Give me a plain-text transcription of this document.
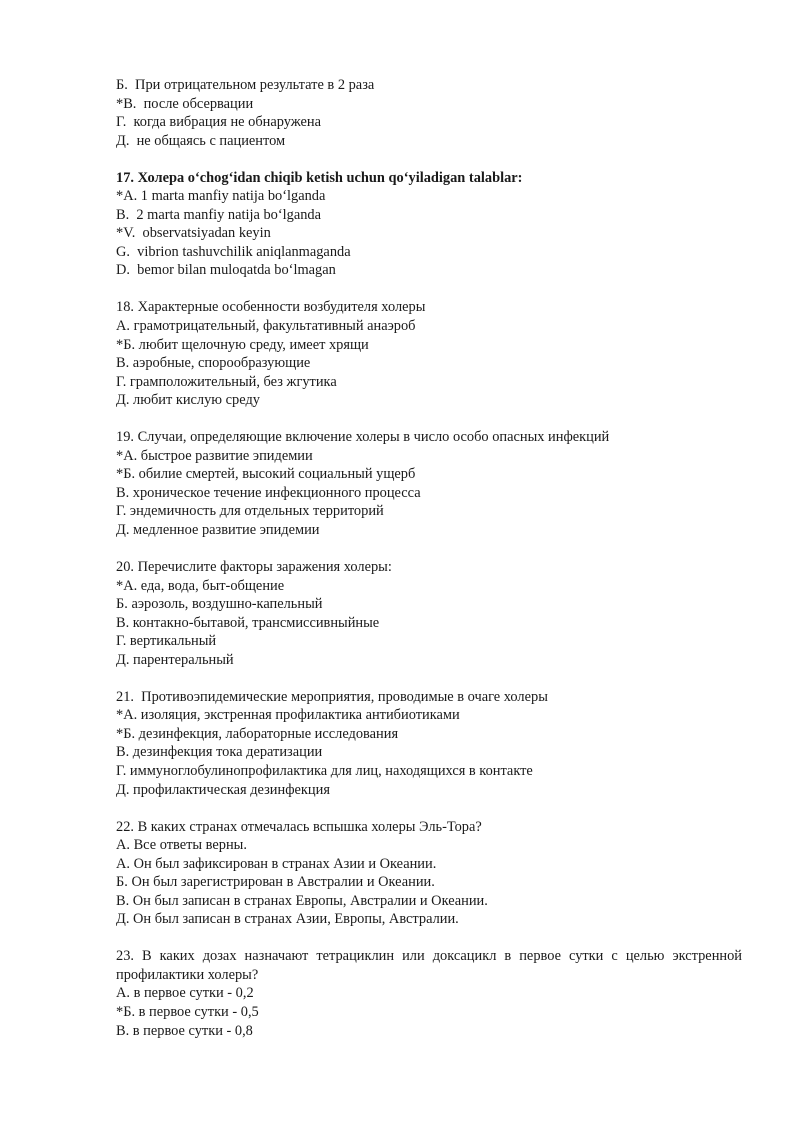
Б.  При отрицательном результате в 2 раза
*В.  после обсервации
Г.  когда вибрация не обнаружена
Д.  не общаясь с пациентом
17. Холера oʻchogʻidan chiqib ketish uchun qoʻyiladigan talablar:
*A. 1 marta manfiy natija boʻlganda
B.  2 marta manfiy natija boʻlganda
*V.  observatsiyadan keyin
G.  vibrion tashuvchilik aniqlanmaganda
D.  bemor bilan muloqatda boʻlmagan
18. Характерные особенности возбудителя холеры
А. грамотрицательный, факультативный анаэроб
*Б. любит щелочную среду, имеет хрящи
В. аэробные, спорообразующие
Г. грамположительный, без жгутика
Д. любит кислую среду
19. Случаи, определяющие включение холеры в число особо опасных инфекций
*А. быстрое развитие эпидемии
*Б. обилие смертей, высокий социальный ущерб
В. хроническое течение инфекционного процесса
Г. эндемичность для отдельных территорий
Д. медленное развитие эпидемии
20. Перечислите факторы заражения холеры:
*А. еда, вода, быт-общение
Б. аэрозоль, воздушно-капельный
В. контакно-бытавой, трансмиссивныйные
Г. вертикальный
Д. парентеральный
21.  Противоэпидемические мероприятия, проводимые в очаге холеры
*А. изоляция, экстренная профилактика антибиотиками
*Б. дезинфекция, лабораторные исследования
В. дезинфекция тока дератизации
Г. иммуноглобулинопрофилактика для лиц, находящихся в контакте
Д. профилактическая дезинфекция
22. В каких странах отмечалась вспышка холеры Эль-Тора?
А. Все ответы верны.
А. Он был зафиксирован в странах Азии и Океании.
Б. Он был зарегистрирован в Австралии и Океании.
В. Он был записан в странах Европы, Австралии и Океании.
Д. Он был записан в странах Азии, Европы, Австралии.
23. В каких дозах назначают тетрациклин или доксацикл в первое сутки с целью экстренной профилактики холеры?
А. в первое сутки - 0,2
*Б. в первое сутки - 0,5
В. в первое сутки - 0,8
